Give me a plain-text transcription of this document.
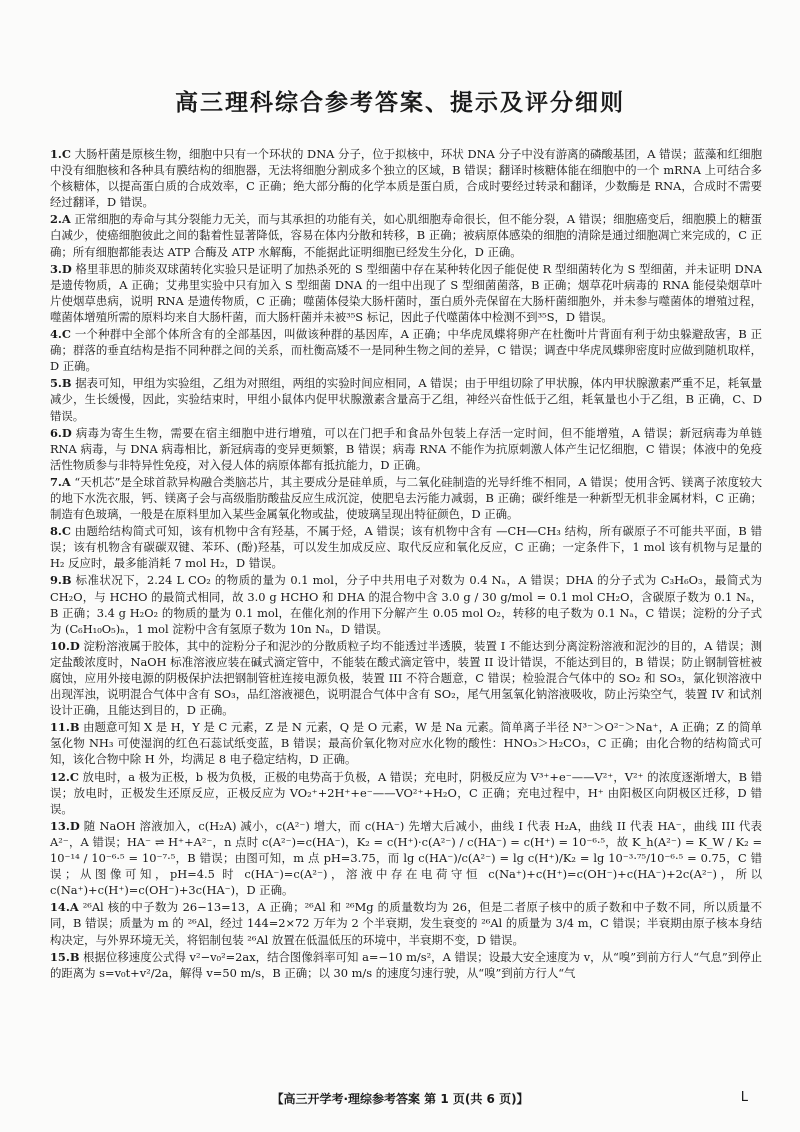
高三理科综合参考答案、提示及评分细则
1.C 大肠杆菌是原核生物，细胞中只有一个环状的 DNA 分子，位于拟核中，环状 DNA 分子中没有游离的磷酸基团，A 错误；蓝藻和红细胞中没有细胞核和各种具有膜结构的细胞器，无法将细胞分割成多个独立的区域，B 错误；翻译时核糖体能在细胞中的一个 mRNA 上可结合多个核糖体，以提高蛋白质的合成效率，C 正确；绝大部分酶的化学本质是蛋白质，合成时要经过转录和翻译，少数酶是 RNA，合成时不需要经过翻译，D 错误。
2.A 正常细胞的寿命与其分裂能力无关，而与其承担的功能有关，如心肌细胞寿命很长，但不能分裂，A 错误；细胞癌变后，细胞膜上的糖蛋白减少，使癌细胞彼此之间的黏着性显著降低，容易在体内分散和转移，B 正确；被病原体感染的细胞的清除是通过细胞凋亡来完成的，C 正确；所有细胞都能表达 ATP 合酶及 ATP 水解酶，不能据此证明细胞已经发生分化，D 正确。
3.D 格里菲思的肺炎双球菌转化实验只是证明了加热杀死的 S 型细菌中存在某种转化因子能促使 R 型细菌转化为 S 型细菌，并未证明 DNA 是遗传物质，A 正确；艾弗里实验中只有加入 S 型细菌 DNA 的一组中出现了 S 型细菌菌落，B 正确；烟草花叶病毒的 RNA 能侵染烟草叶片使烟草患病，说明 RNA 是遗传物质，C 正确；噬菌体侵染大肠杆菌时，蛋白质外壳保留在大肠杆菌细胞外，并未参与噬菌体的增殖过程，噬菌体增殖所需的原料均来自大肠杆菌，而大肠杆菌并未被³⁵S 标记，因此子代噬菌体中检测不到³⁵S，D 错误。
4.C 一个种群中全部个体所含有的全部基因，叫做该种群的基因库，A 正确；中华虎凤蝶将卵产在杜衡叶片背面有利于幼虫躲避敌害，B 正确；群落的垂直结构是指不同种群之间的关系，而杜衡高矮不一是同种生物之间的差异，C 错误；调查中华虎凤蝶卵密度时应做到随机取样，D 正确。
5.B 据表可知，甲组为实验组，乙组为对照组，两组的实验时间应相同，A 错误；由于甲组切除了甲状腺，体内甲状腺激素严重不足，耗氧量减少，生长缓慢，因此，实验结束时，甲组小鼠体内促甲状腺激素含量高于乙组，神经兴奋性低于乙组，耗氧量也小于乙组，B 正确，C、D 错误。
6.D 病毒为寄生生物，需要在宿主细胞中进行增殖，可以在门把手和食品外包装上存活一定时间，但不能增殖，A 错误；新冠病毒为单链 RNA 病毒，与 DNA 病毒相比，新冠病毒的变异更频繁，B 错误；病毒 RNA 不能作为抗原刺激人体产生记忆细胞，C 错误；体液中的免疫活性物质参与非特异性免疫，对入侵人体的病原体都有抵抗能力，D 正确。
7.A “天机芯”是全球首款异构融合类脑芯片，其主要成分是硅单质，与二氧化硅制造的光导纤维不相同，A 错误；使用含钙、镁离子浓度较大的地下水洗衣服，钙、镁离子会与高级脂肪酸盐反应生成沉淀，使肥皂去污能力减弱，B 正确；碳纤维是一种新型无机非金属材料，C 正确；制造有色玻璃，一般是在原料里加入某些金属氧化物或盐，使玻璃呈现出特征颜色，D 正确。
8.C 由题给结构简式可知，该有机物中含有羟基，不属于烃，A 错误；该有机物中含有 —CH—CH₃ 结构，所有碳原子不可能共平面，B 错误；该有机物含有碳碳双键、苯环、(酚)羟基，可以发生加成反应、取代反应和氧化反应，C 正确；一定条件下，1 mol 该有机物与足量的 H₂ 反应时，最多能消耗 7 mol H₂，D 错误。
9.B 标准状况下，2.24 L CO₂ 的物质的量为 0.1 mol，分子中共用电子对数为 0.4 Nₐ，A 错误；DHA 的分子式为 C₃H₆O₃，最简式为 CH₂O，与 HCHO 的最简式相同，故 3.0 g HCHO 和 DHA 的混合物中含 3.0 g / 30 g/mol = 0.1 mol CH₂O，含碳原子数为 0.1 Nₐ，B 正确；3.4 g H₂O₂ 的物质的量为 0.1 mol，在催化剂的作用下分解产生 0.05 mol O₂，转移的电子数为 0.1 Nₐ，C 错误；淀粉的分子式为 (C₆H₁₀O₅)ₙ，1 mol 淀粉中含有氢原子数为 10n Nₐ，D 错误。
10.D 淀粉溶液属于胶体，其中的淀粉分子和泥沙的分散质粒子均不能透过半透膜，装置 I 不能达到分离淀粉溶液和泥沙的目的，A 错误；测定盐酸浓度时，NaOH 标准溶液应装在碱式滴定管中，不能装在酸式滴定管中，装置 II 设计错误，不能达到目的，B 错误；防止钢制管桩被腐蚀，应用外接电源的阴极保护法把钢制管桩连接电源负极，装置 III 不符合题意，C 错误；检验混合气体中的 SO₂ 和 SO₃，氯化钡溶液中出现浑浊，说明混合气体中含有 SO₃，品红溶液褪色，说明混合气体中含有 SO₂，尾气用氢氧化钠溶液吸收，防止污染空气，装置 IV 和试剂设计正确，且能达到目的，D 正确。
11.B 由题意可知 X 是 H，Y 是 C 元素，Z 是 N 元素，Q 是 O 元素，W 是 Na 元素。简单离子半径 N³⁻＞O²⁻＞Na⁺，A 正确；Z 的简单氢化物 NH₃ 可使湿润的红色石蕊试纸变蓝，B 错误；最高价氧化物对应水化物的酸性：HNO₃＞H₂CO₃，C 正确；由化合物的结构简式可知，该化合物中除 H 外，均满足 8 电子稳定结构，D 正确。
12.C 放电时，a 极为正极，b 极为负极，正极的电势高于负极，A 错误；充电时，阴极反应为 V³⁺+e⁻——V²⁺，V²⁺ 的浓度逐渐增大，B 错误；放电时，正极发生还原反应，正极反应为 VO₂⁺+2H⁺+e⁻——VO²⁺+H₂O，C 正确；充电过程中，H⁺ 由阳极区向阴极区迁移，D 错误。
13.D 随 NaOH 溶液加入，c(H₂A) 减小，c(A²⁻) 增大，而 c(HA⁻) 先增大后减小，曲线 I 代表 H₂A，曲线 II 代表 HA⁻，曲线 III 代表 A²⁻，A 错误；HA⁻ ⇌ H⁺+A²⁻，n 点时 c(A²⁻)=c(HA⁻)，K₂ = c(H⁺)·c(A²⁻) / c(HA⁻) = c(H⁺) = 10⁻⁶·⁵，故 K_h(A²⁻) = K_W / K₂ = 10⁻¹⁴ / 10⁻⁶·⁵ = 10⁻⁷·⁵，B 错误；由图可知，m 点 pH=3.75，而 lg c(HA⁻)/c(A²⁻) = lg c(H⁺)/K₂ = lg 10⁻³·⁷⁵/10⁻⁶·⁵ = 0.75，C 错误；从图像可知，pH=4.5 时 c(HA⁻)=c(A²⁻)，溶液中存在电荷守恒 c(Na⁺)+c(H⁺)=c(OH⁻)+c(HA⁻)+2c(A²⁻)，所以 c(Na⁺)+c(H⁺)=c(OH⁻)+3c(HA⁻)，D 正确。
14.A ²⁶Al 核的中子数为 26−13=13，A 正确；²⁶Al 和 ²⁶Mg 的质量数均为 26，但是二者原子核中的质子数和中子数不同，所以质量不同，B 错误；质量为 m 的 ²⁶Al，经过 144=2×72 万年为 2 个半衰期，发生衰变的 ²⁶Al 的质量为 3/4 m，C 错误；半衰期由原子核本身结构决定，与外界环境无关，将铝制包装 ²⁶Al 放置在低温低压的环境中，半衰期不变，D 错误。
15.B 根据位移速度公式得 v²−v₀²=2ax，结合图像斜率可知 a=−10 m/s²，A 错误；设最大安全速度为 v，从“嗅”到前方行人“气息”到停止的距离为 s=v₀t+v²/2a，解得 v=50 m/s，B 正确；以 30 m/s 的速度匀速行驶，从“嗅”到前方行人“气
【高三开学考·理综参考答案 第 1 页(共 6 页)】	L
